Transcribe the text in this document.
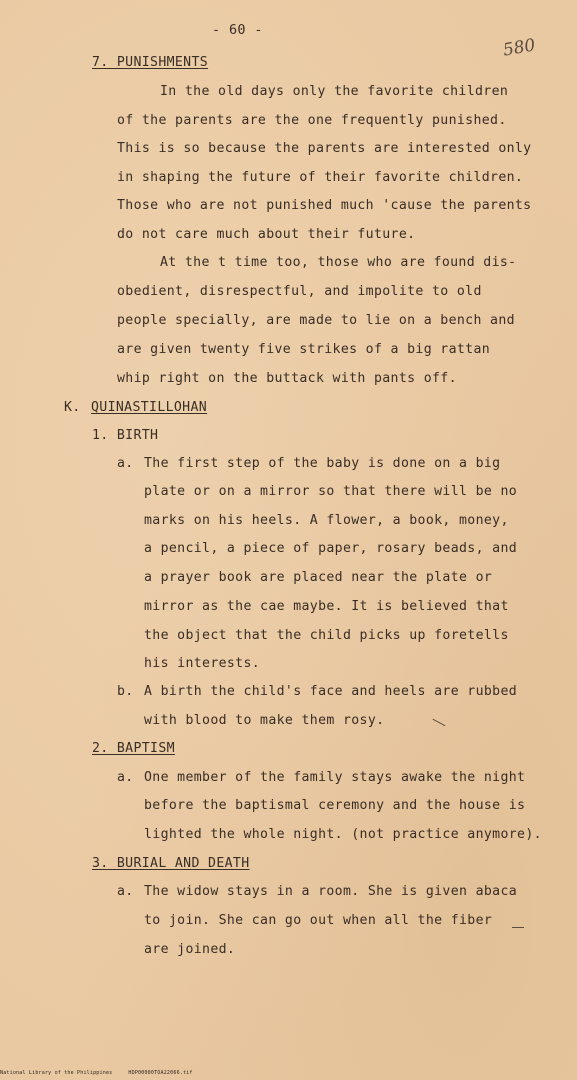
- 60 -
580
7. PUNISHMENTS
In the old days only the favorite children
of the parents are the one frequently punished.
This is so because the parents are interested only
in shaping the future of their favorite children.
Those who are not punished much 'cause the parents
do not care much about their future.
At the t time too, those who are found dis-
obedient, disrespectful, and impolite to old
people specially, are made to lie on a bench and
are given twenty five strikes of a big rattan
whip right on the buttack with pants off.
K. QUINASTILLOHAN
1. BIRTH
a. The first step of the baby is done on a big
plate or on a mirror so that there will be no
marks on his heels. A flower, a book, money,
a pencil, a piece of paper, rosary beads, and
a prayer book are placed near the plate or
mirror as the cae maybe. It is believed that
the object that the child picks up foretells
his interests.
b. A birth the child's face and heels are rubbed
with blood to make them rosy.
2. BAPTISM
a. One member of the family stays awake the night
before the baptismal ceremony and the house is
lighted the whole night. (not practice anymore).
3. BURIAL AND DEATH
a. The widow stays in a room. She is given abaca
to join. She can go out when all the fiber
are joined.
National Library of the Philippines     HDP00000TOA22066.tif
